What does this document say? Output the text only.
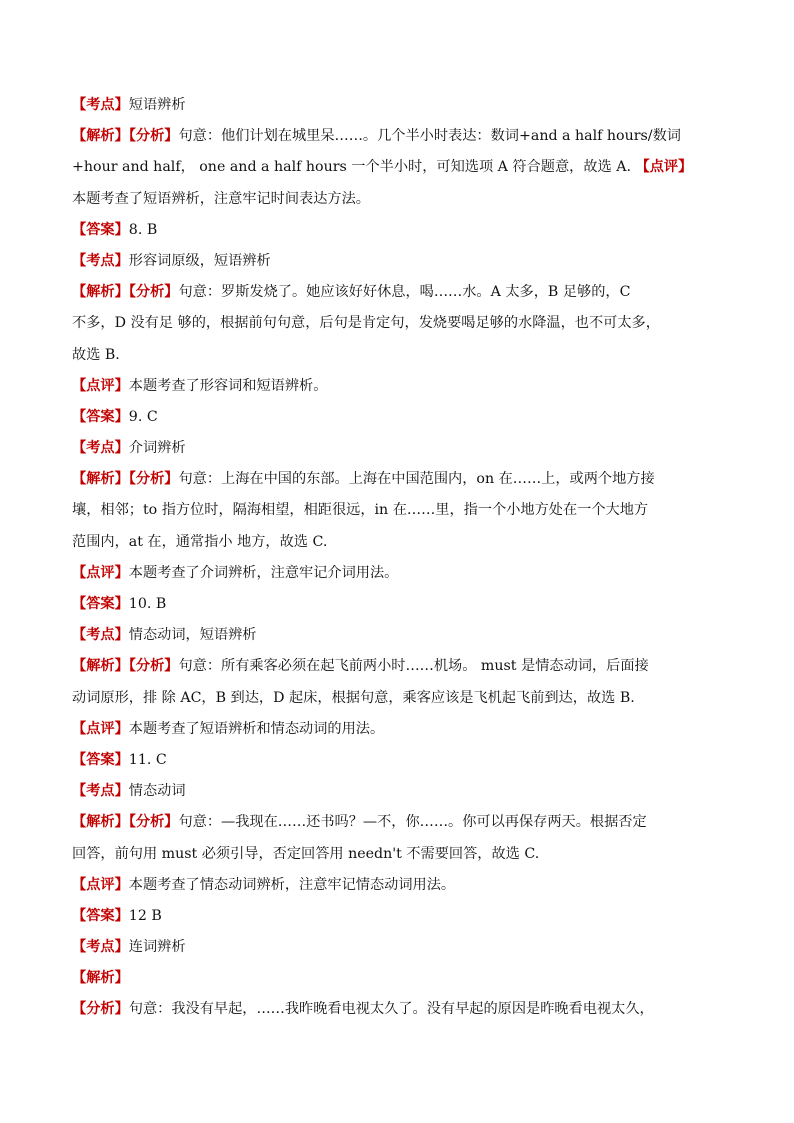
【考点】短语辨析
【解析】【分析】句意：他们计划在城里呆……。几个半小时表达：数词+and a half hours/数词
+hour and half， one and a half hours 一个半小时，可知选项 A 符合题意，故选 A. 【点评】
本题考查了短语辨析，注意牢记时间表达方法。
【答案】8. B
【考点】形容词原级，短语辨析
【解析】【分析】句意：罗斯发烧了。她应该好好休息，喝……水。A 太多，B 足够的，C
不多，D 没有足 够的，根据前句句意，后句是肯定句，发烧要喝足够的水降温，也不可太多，
故选 B.
【点评】本题考查了形容词和短语辨析。
【答案】9. C
【考点】介词辨析
【解析】【分析】句意：上海在中国的东部。上海在中国范围内，on 在……上，或两个地方接
壤，相邻；to 指方位时，隔海相望，相距很远，in 在……里，指一个小地方处在一个大地方
范围内，at 在，通常指小 地方，故选 C.
【点评】本题考查了介词辨析，注意牢记介词用法。
【答案】10. B
【考点】情态动词，短语辨析
【解析】【分析】句意：所有乘客必须在起飞前两小时……机场。 must 是情态动词，后面接
动词原形，排 除 AC，B 到达，D 起床，根据句意，乘客应该是飞机起飞前到达，故选 B.
【点评】本题考查了短语辨析和情态动词的用法。
【答案】11. C
【考点】情态动词
【解析】【分析】句意：—我现在……还书吗？—不，你……。你可以再保存两天。根据否定
回答，前句用 must 必须引导，否定回答用 needn't 不需要回答，故选 C.
【点评】本题考查了情态动词辨析，注意牢记情态动词用法。
【答案】12 B
【考点】连词辨析
【解析】
【分析】句意：我没有早起，……我昨晚看电视太久了。没有早起的原因是昨晚看电视太久，
